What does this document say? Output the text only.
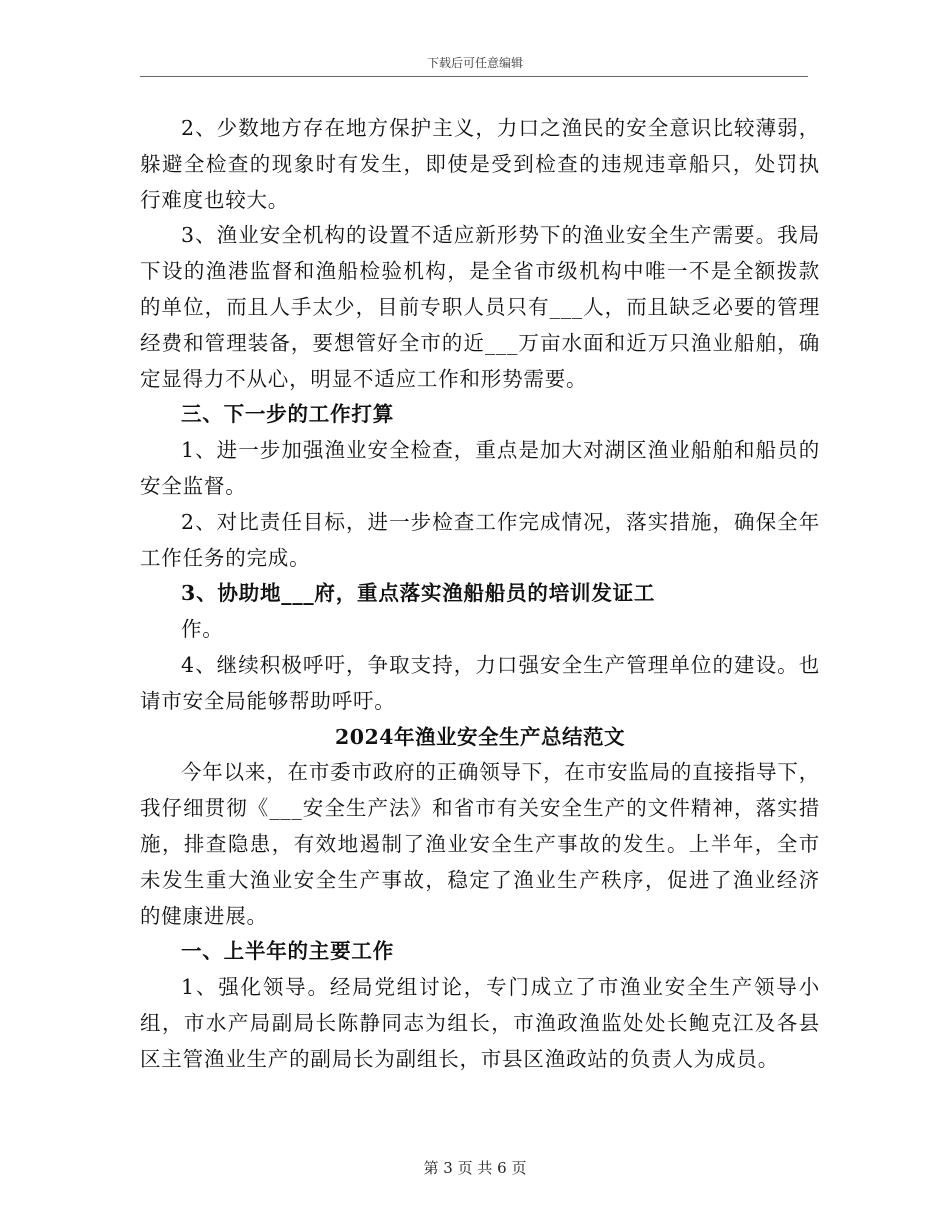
下载后可任意编辑

2、少数地方存在地方保护主义，力口之渔民的安全意识比较薄弱，躲避全检查的现象时有发生，即使是受到检查的违规违章船只，处罚执行难度也较大。

3、渔业安全机构的设置不适应新形势下的渔业安全生产需要。我局下设的渔港监督和渔船检验机构，是全省市级机构中唯一不是全额拨款的单位，而且人手太少，目前专职人员只有___人，而且缺乏必要的管理经费和管理装备，要想管好全市的近___万亩水面和近万只渔业船舶，确定显得力不从心，明显不适应工作和形势需要。

三、下一步的工作打算

1、进一步加强渔业安全检查，重点是加大对湖区渔业船舶和船员的安全监督。

2、对比责任目标，进一步检查工作完成情况，落实措施，确保全年工作任务的完成。

3、协助地___府，重点落实渔船船员的培训发证工

作。

4、继续积极呼吁，争取支持，力口强安全生产管理单位的建设。也请市安全局能够帮助呼吁。

2024年渔业安全生产总结范文

今年以来，在市委市政府的正确领导下，在市安监局的直接指导下，我仔细贯彻《___安全生产法》和省市有关安全生产的文件精神，落实措施，排查隐患，有效地遏制了渔业安全生产事故的发生。上半年，全市未发生重大渔业安全生产事故，稳定了渔业生产秩序，促进了渔业经济的健康进展。

一、上半年的主要工作

1、强化领导。经局党组讨论，专门成立了市渔业安全生产领导小组，市水产局副局长陈静同志为组长，市渔政渔监处处长鲍克江及各县区主管渔业生产的副局长为副组长，市县区渔政站的负责人为成员。

第 3 页 共 6 页
